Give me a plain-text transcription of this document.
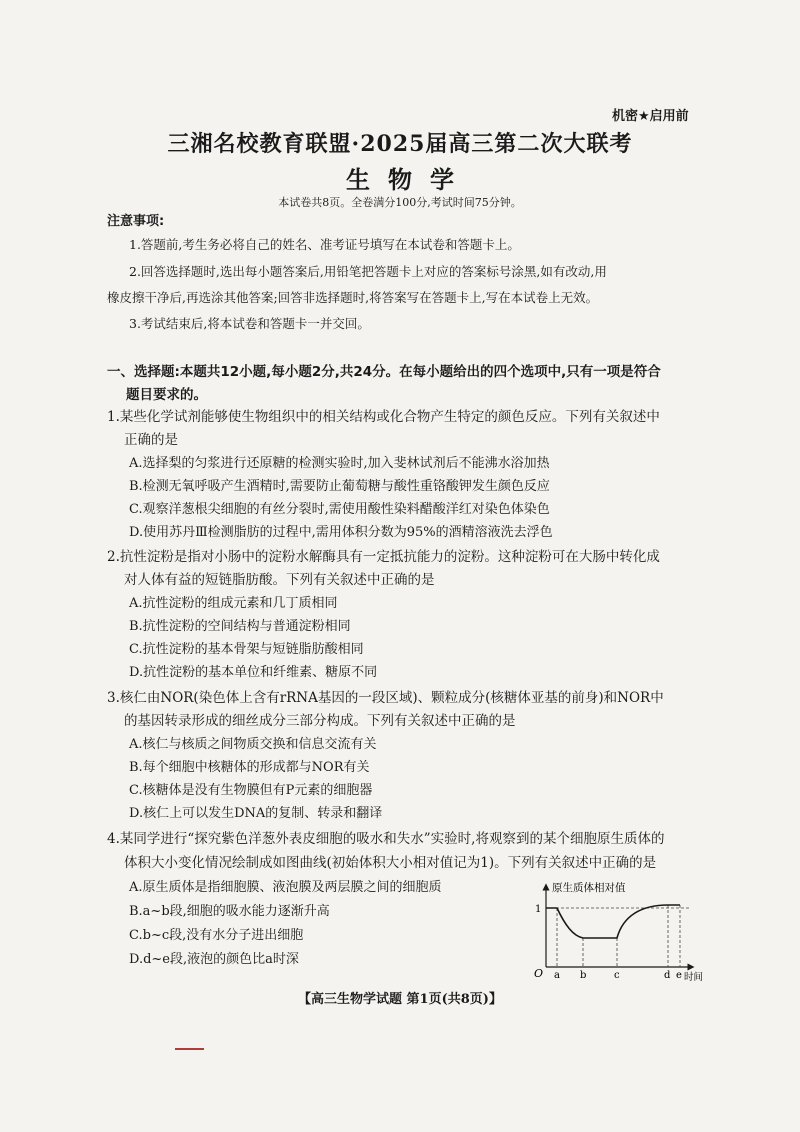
机密★启用前
三湘名校教育联盟·2025届高三第二次大联考
生物学
本试卷共8页。全卷满分100分,考试时间75分钟。
注意事项:
1.答题前,考生务必将自己的姓名、准考证号填写在本试卷和答题卡上。
2.回答选择题时,选出每小题答案后,用铅笔把答题卡上对应的答案标号涂黑,如有改动,用
橡皮擦干净后,再选涂其他答案;回答非选择题时,将答案写在答题卡上,写在本试卷上无效。
3.考试结束后,将本试卷和答题卡一并交回。
一、选择题:本题共12小题,每小题2分,共24分。在每小题给出的四个选项中,只有一项是符合
题目要求的。
1.某些化学试剂能够使生物组织中的相关结构或化合物产生特定的颜色反应。下列有关叙述中
正确的是
A.选择梨的匀浆进行还原糖的检测实验时,加入斐林试剂后不能沸水浴加热
B.检测无氧呼吸产生酒精时,需要防止葡萄糖与酸性重铬酸钾发生颜色反应
C.观察洋葱根尖细胞的有丝分裂时,需使用酸性染料醋酸洋红对染色体染色
D.使用苏丹Ⅲ检测脂肪的过程中,需用体积分数为95%的酒精溶液洗去浮色
2.抗性淀粉是指对小肠中的淀粉水解酶具有一定抵抗能力的淀粉。这种淀粉可在大肠中转化成
对人体有益的短链脂肪酸。下列有关叙述中正确的是
A.抗性淀粉的组成元素和几丁质相同
B.抗性淀粉的空间结构与普通淀粉相同
C.抗性淀粉的基本骨架与短链脂肪酸相同
D.抗性淀粉的基本单位和纤维素、糖原不同
3.核仁由NOR(染色体上含有rRNA基因的一段区域)、颗粒成分(核糖体亚基的前身)和NOR中
的基因转录形成的细丝成分三部分构成。下列有关叙述中正确的是
A.核仁与核质之间物质交换和信息交流有关
B.每个细胞中核糖体的形成都与NOR有关
C.核糖体是没有生物膜但有P元素的细胞器
D.核仁上可以发生DNA的复制、转录和翻译
4.某同学进行“探究紫色洋葱外表皮细胞的吸水和失水”实验时,将观察到的某个细胞原生质体的
体积大小变化情况绘制成如图曲线(初始体积大小相对值记为1)。下列有关叙述中正确的是
A.原生质体是指细胞膜、液泡膜及两层膜之间的细胞质
B.a~b段,细胞的吸水能力逐渐升高
C.b~c段,没有水分子进出细胞
D.d~e段,液泡的颜色比a时深
原生质体相对值
1
O a b	c	d e 时间
【高三生物学试题 第1页(共8页)】
